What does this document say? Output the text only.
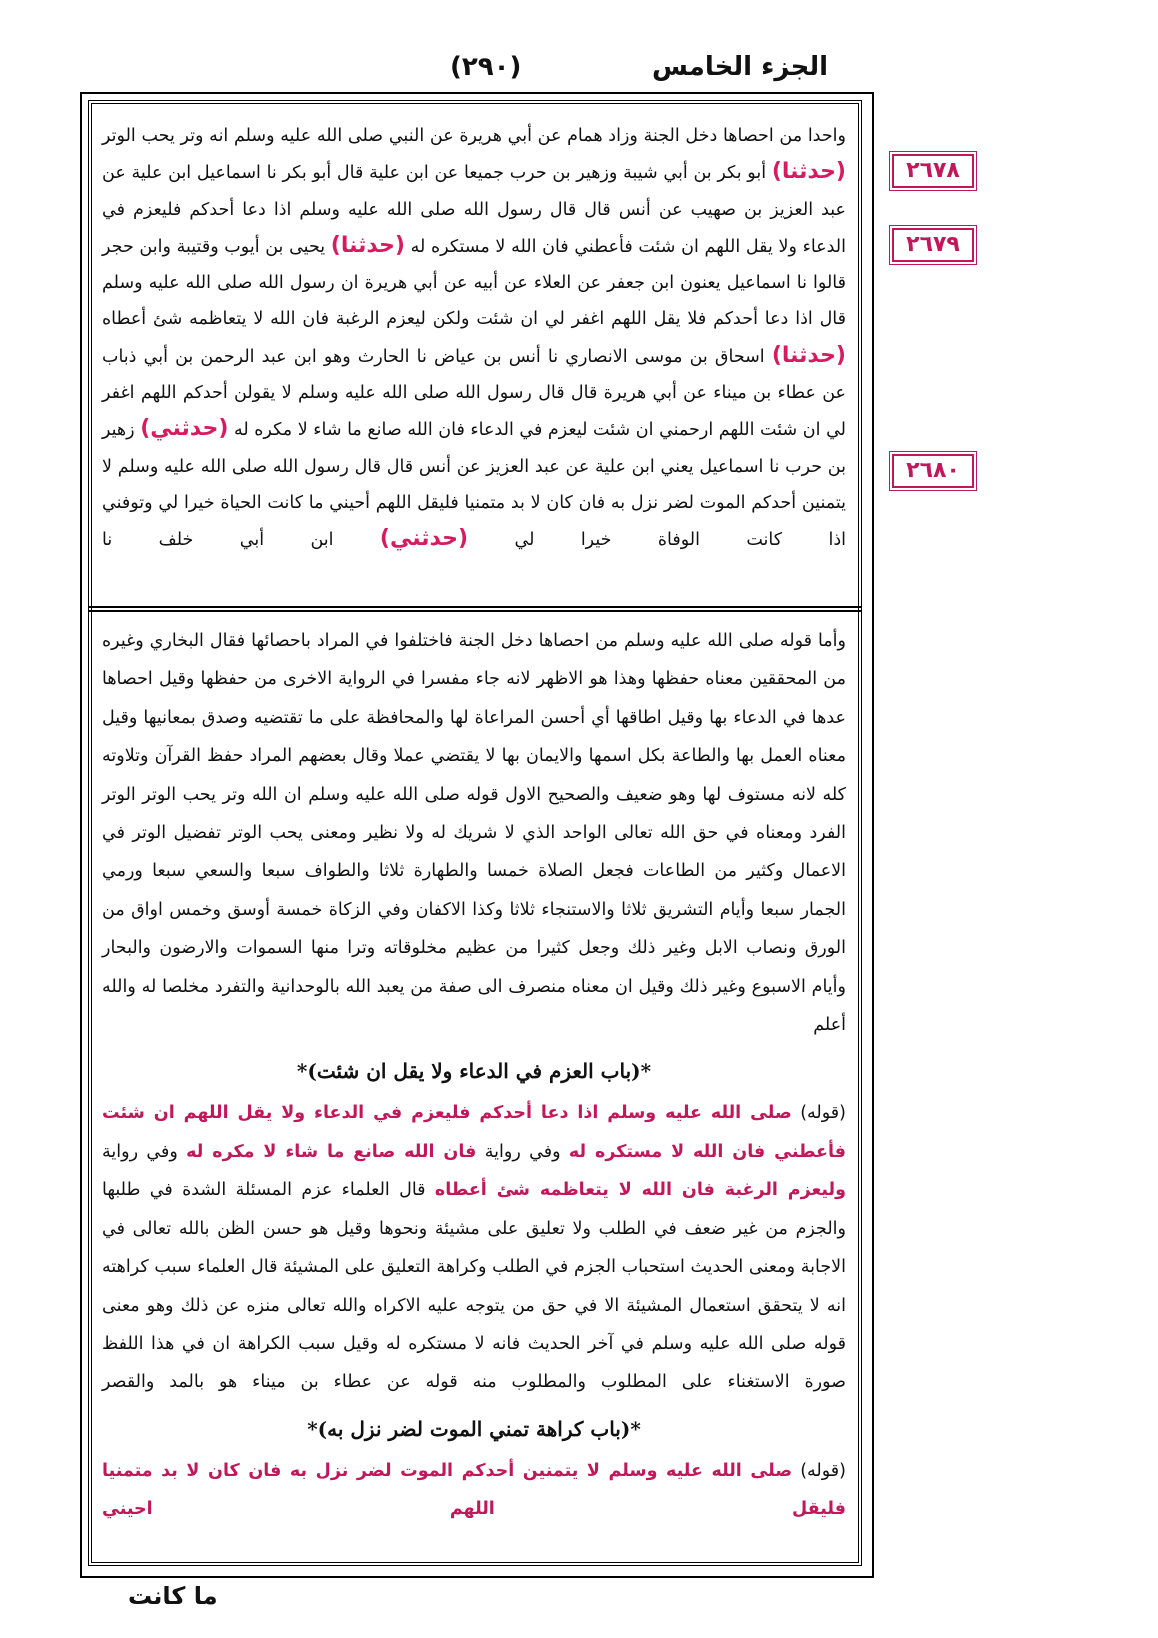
الجزء الخامس
(٢٩٠)
٢٦٧٨
٢٦٧٩
٢٦٨٠

واحدا من احصاها دخل الجنة وزاد همام عن أبي هريرة عن النبي صلى الله عليه وسلم انه وتر يحب الوتر (حدثنا) أبو بكر بن أبي شيبة وزهير بن حرب جميعا عن ابن علية قال أبو بكر نا اسماعيل ابن علية عن عبد العزيز بن صهيب عن أنس قال قال رسول الله صلى الله عليه وسلم اذا دعا أحدكم فليعزم في الدعاء ولا يقل اللهم ان شئت فأعطني فان الله لا مستكره له (حدثنا) يحيى بن أيوب وقتيبة وابن حجر قالوا نا اسماعيل يعنون ابن جعفر عن العلاء عن أبيه عن أبي هريرة ان رسول الله صلى الله عليه وسلم قال اذا دعا أحدكم فلا يقل اللهم اغفر لي ان شئت ولكن ليعزم الرغبة فان الله لا يتعاظمه شئ أعطاه (حدثنا) اسحاق بن موسى الانصاري نا أنس بن عياض نا الحارث وهو ابن عبد الرحمن بن أبي ذباب عن عطاء بن ميناء عن أبي هريرة قال قال رسول الله صلى الله عليه وسلم لا يقولن أحدكم اللهم اغفر لي ان شئت اللهم ارحمني ان شئت ليعزم في الدعاء فان الله صانع ما شاء لا مكره له (حدثني) زهير بن حرب نا اسماعيل يعني ابن علية عن عبد العزيز عن أنس قال قال رسول الله صلى الله عليه وسلم لا يتمنين أحدكم الموت لضر نزل به فان كان لا بد متمنيا فليقل اللهم أحيني ما كانت الحياة خيرا لي وتوفني اذا كانت الوفاة خيرا لي (حدثني) ابن أبي خلف نا

وأما قوله صلى الله عليه وسلم من احصاها دخل الجنة فاختلفوا في المراد باحصائها فقال البخاري وغيره من المحققين معناه حفظها وهذا هو الاظهر لانه جاء مفسرا في الرواية الاخرى من حفظها وقيل احصاها عدها في الدعاء بها وقيل اطاقها أي أحسن المراعاة لها والمحافظة على ما تقتضيه وصدق بمعانيها وقيل معناه العمل بها والطاعة بكل اسمها والايمان بها لا يقتضي عملا وقال بعضهم المراد حفظ القرآن وتلاوته كله لانه مستوف لها وهو ضعيف والصحيح الاول قوله صلى الله عليه وسلم ان الله وتر يحب الوتر الوتر الفرد ومعناه في حق الله تعالى الواحد الذي لا شريك له ولا نظير ومعنى يحب الوتر تفضيل الوتر في الاعمال وكثير من الطاعات فجعل الصلاة خمسا والطهارة ثلاثا والطواف سبعا والسعي سبعا ورمي الجمار سبعا وأيام التشريق ثلاثا والاستنجاء ثلاثا وكذا الاكفان وفي الزكاة خمسة أوسق وخمس اواق من الورق ونصاب الابل وغير ذلك وجعل كثيرا من عظيم مخلوقاته وترا منها السموات والارضون والبحار وأيام الاسبوع وغير ذلك وقيل ان معناه منصرف الى صفة من يعبد الله بالوحدانية والتفرد مخلصا له والله أعلم

*(باب العزم في الدعاء ولا يقل ان شئت)*

(قوله) صلى الله عليه وسلم اذا دعا أحدكم فليعزم في الدعاء ولا يقل اللهم ان شئت فأعطني فان الله لا مستكره له وفي رواية فان الله صانع ما شاء لا مكره له وفي رواية وليعزم الرغبة فان الله لا يتعاظمه شئ أعطاه قال العلماء عزم المسئلة الشدة في طلبها والجزم من غير ضعف في الطلب ولا تعليق على مشيئة ونحوها وقيل هو حسن الظن بالله تعالى في الاجابة ومعنى الحديث استحباب الجزم في الطلب وكراهة التعليق على المشيئة قال العلماء سبب كراهته انه لا يتحقق استعمال المشيئة الا في حق من يتوجه عليه الاكراه والله تعالى منزه عن ذلك وهو معنى قوله صلى الله عليه وسلم في آخر الحديث فانه لا مستكره له وقيل سبب الكراهة ان في هذا اللفظ صورة الاستغناء على المطلوب والمطلوب منه قوله عن عطاء بن ميناء هو بالمد والقصر

*(باب كراهة تمني الموت لضر نزل به)*

(قوله) صلى الله عليه وسلم لا يتمنين أحدكم الموت لضر نزل به فان كان لا بد متمنيا فليقل اللهم احيني

ما كانت
